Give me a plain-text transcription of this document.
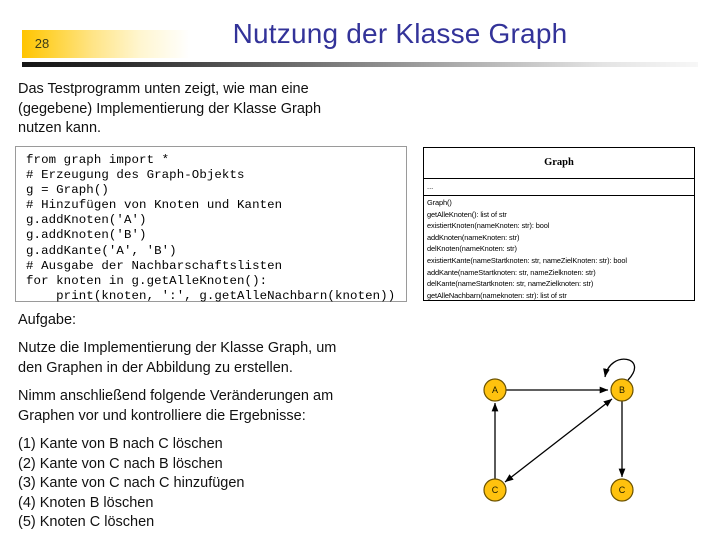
28	Nutzung der Klasse Graph
Das Testprogramm unten zeigt, wie man eine
(gegebene) Implementierung der Klasse Graph
nutzen kann.
from graph import *
# Erzeugung des Graph-Objekts
g = Graph()
# Hinzufügen von Knoten und Kanten
g.addKnoten('A')
g.addKnoten('B')
g.addKante('A', 'B')
# Ausgabe der Nachbarschaftslisten
for knoten in g.getAlleKnoten():
print(knoten, ':', g.getAlleNachbarn(knoten))
Graph
...
Graph()
getAlleKnoten(): list of str
existiertKnoten(nameKnoten: str): bool
addKnoten(nameKnoten: str)
delKnoten(nameKnoten: str)
existiertKante(nameStartknoten: str, nameZielKnoten: str): bool
addKante(nameStartknoten: str, nameZielknoten: str)
delKante(nameStartknoten: str, nameZielknoten: str)
getAlleNachbarn(nameknoten: str): list of str
Aufgabe:
Nutze die Implementierung der Klasse Graph, um
den Graphen in der Abbildung zu erstellen.
Nimm anschließend folgende Veränderungen am
Graphen vor und kontrolliere die Ergebnisse:
(1) Kante von B nach C löschen
(2) Kante von C nach B löschen
(3) Kante von C nach C hinzufügen
(4) Knoten B löschen
(5) Knoten C löschen
A	B
C	C
